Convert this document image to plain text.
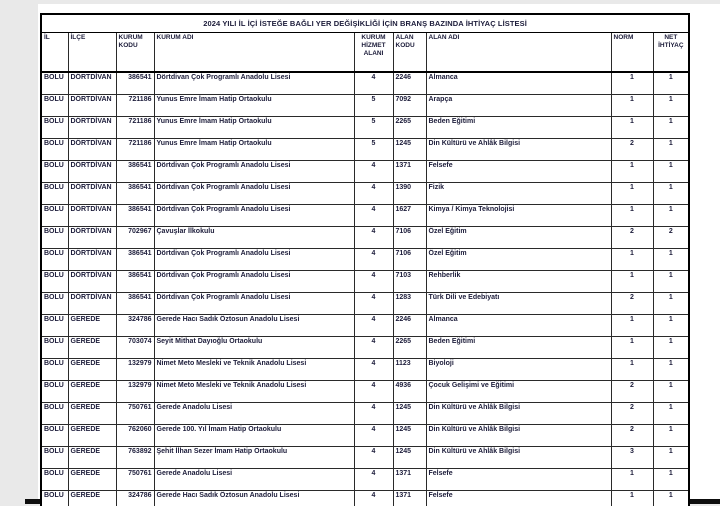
2024 YILI İL İÇİ İSTEĞE BAĞLI YER DEĞİŞİKLİĞİ İÇİN BRANŞ BAZINDA İHTİYAÇ LİSTESİ								
İL	İLÇE	KURUM KODU	KURUM ADI	KURUM HİZMET ALANI	ALAN KODU	ALAN ADI	NORM	NET İHTİYAÇ
BOLU	DÖRTDİVAN	386541	Dörtdivan Çok Programlı Anadolu Lisesi	4	2246	Almanca	1	1
BOLU	DÖRTDİVAN	721186	Yunus Emre İmam Hatip Ortaokulu	5	7092	Arapça	1	1
BOLU	DÖRTDİVAN	721186	Yunus Emre İmam Hatip Ortaokulu	5	2265	Beden Eğitimi	1	1
BOLU	DÖRTDİVAN	721186	Yunus Emre İmam Hatip Ortaokulu	5	1245	Din Kültürü ve Ahlâk Bilgisi	2	1
BOLU	DÖRTDİVAN	386541	Dörtdivan Çok Programlı Anadolu Lisesi	4	1371	Felsefe	1	1
BOLU	DÖRTDİVAN	386541	Dörtdivan Çok Programlı Anadolu Lisesi	4	1390	Fizik	1	1
BOLU	DÖRTDİVAN	386541	Dörtdivan Çok Programlı Anadolu Lisesi	4	1627	Kimya / Kimya Teknolojisi	1	1
BOLU	DÖRTDİVAN	702967	Çavuşlar İlkokulu	4	7106	Özel Eğitim	2	2
BOLU	DÖRTDİVAN	386541	Dörtdivan Çok Programlı Anadolu Lisesi	4	7106	Özel Eğitim	1	1
BOLU	DÖRTDİVAN	386541	Dörtdivan Çok Programlı Anadolu Lisesi	4	7103	Rehberlik	1	1
BOLU	DÖRTDİVAN	386541	Dörtdivan Çok Programlı Anadolu Lisesi	4	1283	Türk Dili ve Edebiyatı	2	1
BOLU	GEREDE	324786	Gerede Hacı Sadık Öztosun Anadolu Lisesi	4	2246	Almanca	1	1
BOLU	GEREDE	703074	Seyit Mithat Dayıoğlu Ortaokulu	4	2265	Beden Eğitimi	1	1
BOLU	GEREDE	132979	Nimet Meto Mesleki ve Teknik Anadolu Lisesi	4	1123	Biyoloji	1	1
BOLU	GEREDE	132979	Nimet Meto Mesleki ve Teknik Anadolu Lisesi	4	4936	Çocuk Gelişimi ve Eğitimi	2	1
BOLU	GEREDE	750761	Gerede Anadolu Lisesi	4	1245	Din Kültürü ve Ahlâk Bilgisi	2	1
BOLU	GEREDE	762060	Gerede 100. Yıl İmam Hatip Ortaokulu	4	1245	Din Kültürü ve Ahlâk Bilgisi	2	1
BOLU	GEREDE	763892	Şehit İlhan Sezer İmam Hatip Ortaokulu	4	1245	Din Kültürü ve Ahlâk Bilgisi	3	1
BOLU	GEREDE	750761	Gerede Anadolu Lisesi	4	1371	Felsefe	1	1
BOLU	GEREDE	324786	Gerede Hacı Sadık Öztosun Anadolu Lisesi	4	1371	Felsefe	1	1
